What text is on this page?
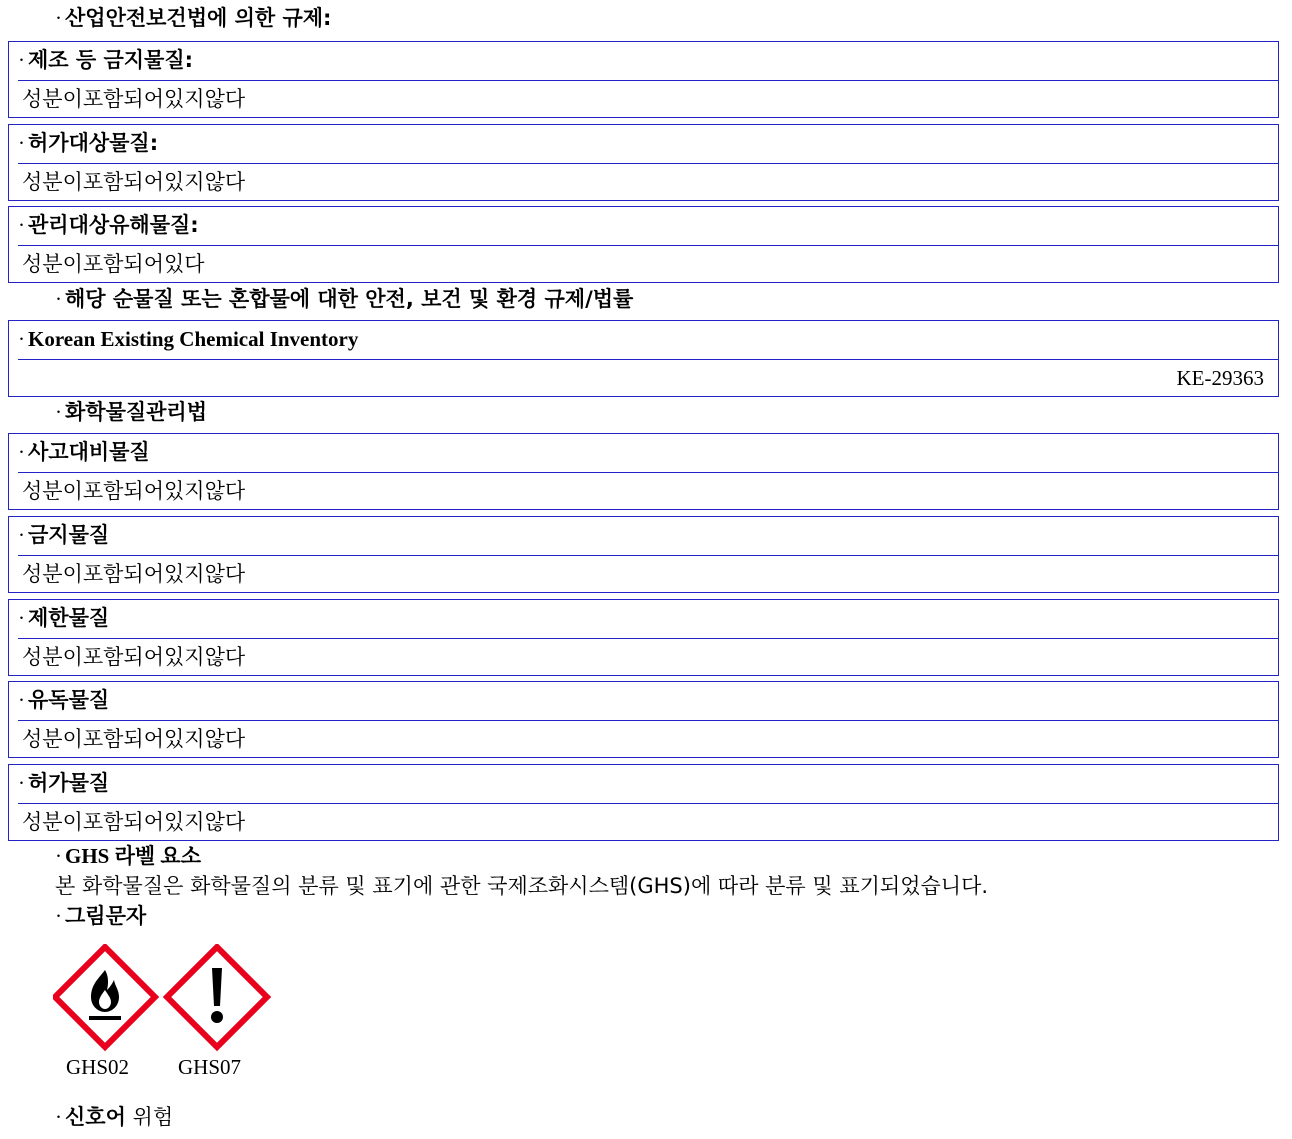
· 산업안전보건법에 의한 규제:
· 제조 등 금지물질:
성분이포함되어있지않다
· 허가대상물질:
성분이포함되어있지않다
· 관리대상유해물질:
성분이포함되어있다
· 해당 순물질 또는 혼합물에 대한 안전, 보건 및 환경 규제/법률
· Korean Existing Chemical Inventory
KE-29363
· 화학물질관리법
· 사고대비물질
성분이포함되어있지않다
· 금지물질
성분이포함되어있지않다
· 제한물질
성분이포함되어있지않다
· 유독물질
성분이포함되어있지않다
· 허가물질
성분이포함되어있지않다
· GHS 라벨 요소
본 화학물질은 화학물질의 분류 및 표기에 관한 국제조화시스템(GHS)에 따라 분류 및 표기되었습니다.
· 그림문자
GHS02 GHS07
· 신호어 위험
